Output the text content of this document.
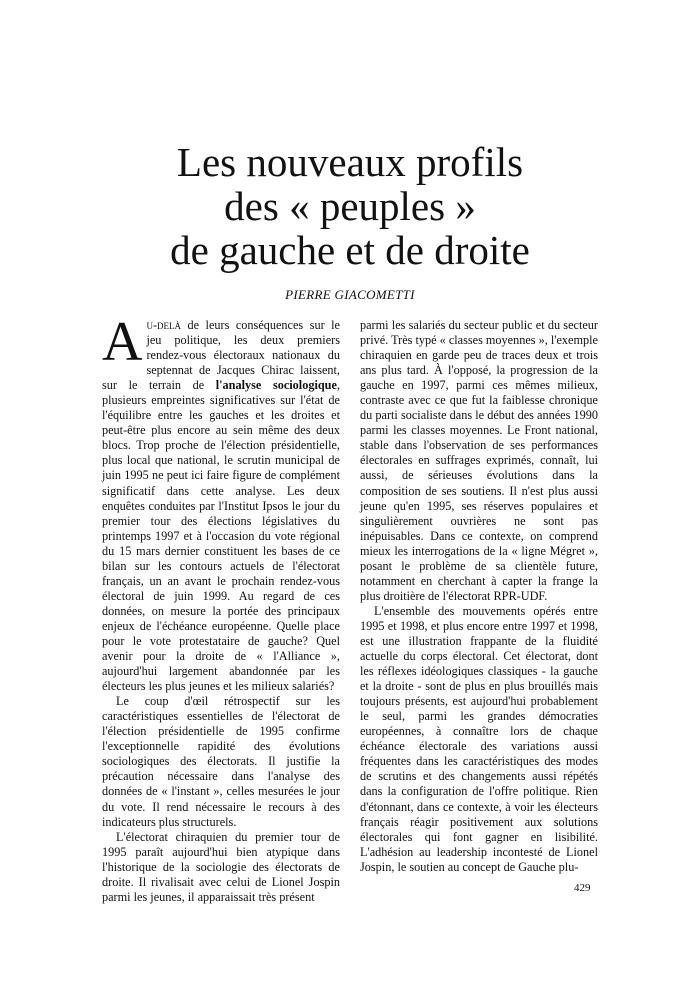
Les nouveaux profils
des « peuples »
de gauche et de droite
PIERRE GIACOMETTI

Au-delà de leurs conséquences sur le jeu politique, les deux premiers rendez-vous électoraux nationaux du septennat de Jacques Chirac laissent, sur le terrain de l'analyse sociologique, plusieurs empreintes significatives sur l'état de l'équilibre entre les gauches et les droites et peut-être plus encore au sein même des deux blocs. Trop proche de l'élection présidentielle, plus local que national, le scrutin municipal de juin 1995 ne peut ici faire figure de complément significatif dans cette analyse. Les deux enquêtes conduites par l'Institut Ipsos le jour du premier tour des élections législatives du printemps 1997 et à l'occasion du vote régional du 15 mars dernier constituent les bases de ce bilan sur les contours actuels de l'électorat français, un an avant le prochain rendez-vous électoral de juin 1999. Au regard de ces données, on mesure la portée des principaux enjeux de l'échéance européenne. Quelle place pour le vote protestataire de gauche? Quel avenir pour la droite de « l'Alliance », aujourd'hui largement abandonnée par les électeurs les plus jeunes et les milieux salariés?

Le coup d'œil rétrospectif sur les caractéristiques essentielles de l'électorat de l'élection présidentielle de 1995 confirme l'exceptionnelle rapidité des évolutions sociologiques des électorats. Il justifie la précaution nécessaire dans l'analyse des données de « l'instant », celles mesurées le jour du vote. Il rend nécessaire le recours à des indicateurs plus structurels.

L'électorat chiraquien du premier tour de 1995 paraît aujourd'hui bien atypique dans l'historique de la sociologie des électorats de droite. Il rivalisait avec celui de Lionel Jospin parmi les jeunes, il apparaissait très présent

parmi les salariés du secteur public et du secteur privé. Très typé « classes moyennes », l'exemple chiraquien en garde peu de traces deux et trois ans plus tard. À l'opposé, la progression de la gauche en 1997, parmi ces mêmes milieux, contraste avec ce que fut la faiblesse chronique du parti socialiste dans le début des années 1990 parmi les classes moyennes. Le Front national, stable dans l'observation de ses performances électorales en suffrages exprimés, connaît, lui aussi, de sérieuses évolutions dans la composition de ses soutiens. Il n'est plus aussi jeune qu'en 1995, ses réserves populaires et singulièrement ouvrières ne sont pas inépuisables. Dans ce contexte, on comprend mieux les interrogations de la « ligne Mégret », posant le problème de sa clientèle future, notamment en cherchant à capter la frange la plus droitière de l'électorat RPR-UDF.

L'ensemble des mouvements opérés entre 1995 et 1998, et plus encore entre 1997 et 1998, est une illustration frappante de la fluidité actuelle du corps électoral. Cet électorat, dont les réflexes idéologiques classiques - la gauche et la droite - sont de plus en plus brouillés mais toujours présents, est aujourd'hui probablement le seul, parmi les grandes démocraties européennes, à connaître lors de chaque échéance électorale des variations aussi fréquentes dans les caractéristiques des modes de scrutins et des changements aussi répétés dans la configuration de l'offre politique. Rien d'étonnant, dans ce contexte, à voir les électeurs français réagir positivement aux solutions électorales qui font gagner en lisibilité. L'adhésion au leadership incontesté de Lionel Jospin, le soutien au concept de Gauche plu-

429
